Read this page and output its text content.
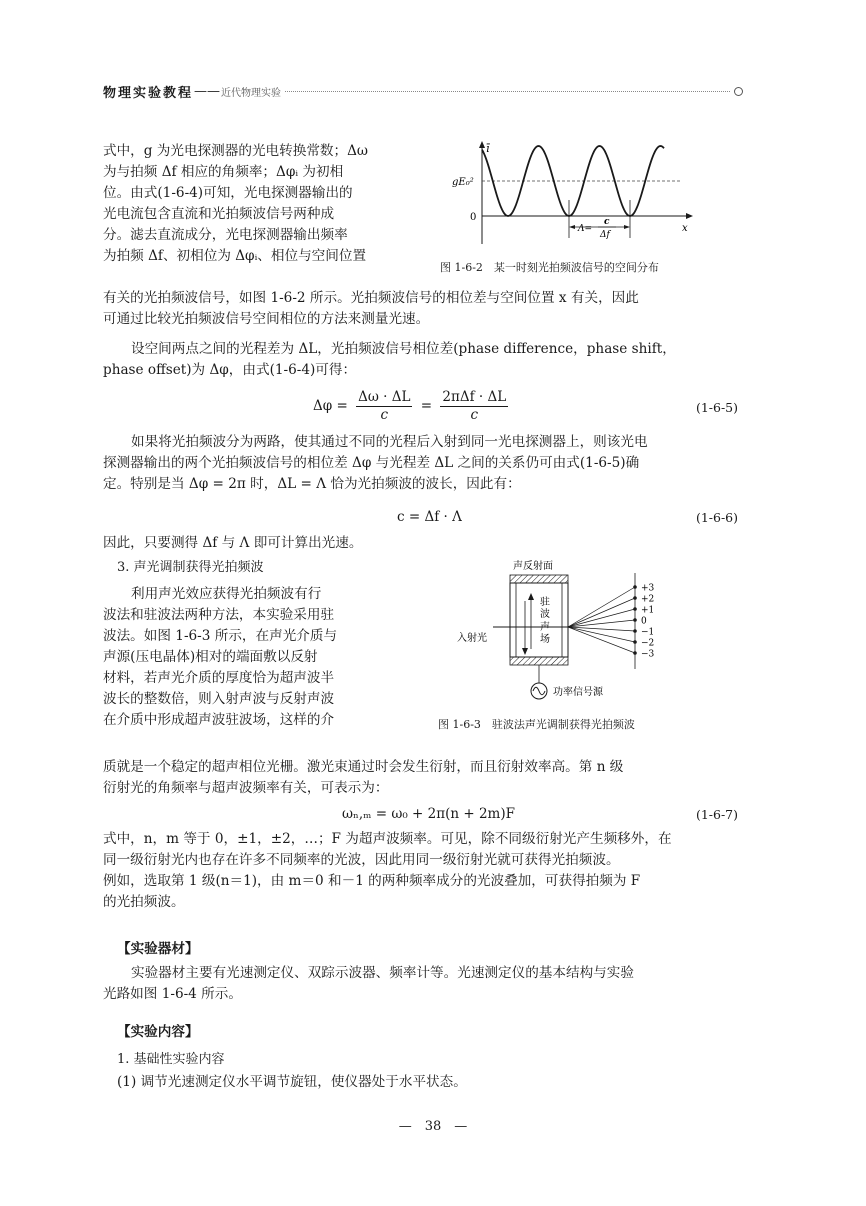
物理实验教程 —— 近代物理实验
式中，g 为光电探测器的光电转换常数；Δω
为与拍频 Δf 相应的角频率；Δφᵢ 为初相
位。由式(1-6-4)可知，光电探测器输出的
光电流包含直流和光拍频波信号两种成
分。滤去直流成分，光电探测器输出频率
为拍频 Δf、初相位为 Δφᵢ、相位与空间位置
ī
x
0
gE₀²
Λ=
c
Δf
图 1-6-2　某一时刻光拍频波信号的空间分布
有关的光拍频波信号，如图 1-6-2 所示。光拍频波信号的相位差与空间位置 x 有关，因此
可通过比较光拍频波信号空间相位的方法来测量光速。
设空间两点之间的光程差为 ΔL，光拍频波信号相位差(phase difference，phase shift，
phase offset)为 Δφ，由式(1-6-4)可得：
$\Delta\varphi = \frac{\Delta\omega \cdot \Delta L}{c} = \frac{\text{2πΔf · ΔL}}{c}$	(1-6-5)
如果将光拍频波分为两路，使其通过不同的光程后入射到同一光电探测器上，则该光电
探测器输出的两个光拍频波信号的相位差 Δφ 与光程差 ΔL 之间的关系仍可由式(1-6-5)确
定。特别是当 Δφ = 2π 时，ΔL = Λ 恰为光拍频波的波长，因此有：
c = Δf · Λ	(1-6-6)
因此，只要测得 Δf 与 Λ 即可计算出光速。
3. 声光调制获得光拍频波
利用声光效应获得光拍频波有行
波法和驻波法两种方法，本实验采用驻
波法。如图 1-6-3 所示，在声光介质与
声源(压电晶体)相对的端面敷以反射
材料，若声光介质的厚度恰为超声波半
波长的整数倍，则入射声波与反射声波
在介质中形成超声波驻波场，这样的介
声反射面
驻
波
声
场
入射光
+3
+2
+1
0
−1
−2
−3
功率信号源
图 1-6-3　驻波法声光调制获得光拍频波
质就是一个稳定的超声相位光栅。激光束通过时会发生衍射，而且衍射效率高。第 n 级
衍射光的角频率与超声波频率有关，可表示为：
ωₙ,ₘ = ω₀ + 2π(n + 2m)F	(1-6-7)
式中，n，m 等于 0，±1，±2，…；F 为超声波频率。可见，除不同级衍射光产生频移外，在
同一级衍射光内也存在许多不同频率的光波，因此用同一级衍射光就可获得光拍频波。
例如，选取第 1 级(n＝1)，由 m＝0 和－1 的两种频率成分的光波叠加，可获得拍频为 F
的光拍频波。
【实验器材】
实验器材主要有光速测定仪、双踪示波器、频率计等。光速测定仪的基本结构与实验
光路如图 1-6-4 所示。
【实验内容】
1. 基础性实验内容
(1) 调节光速测定仪水平调节旋钮，使仪器处于水平状态。
—　38　—
